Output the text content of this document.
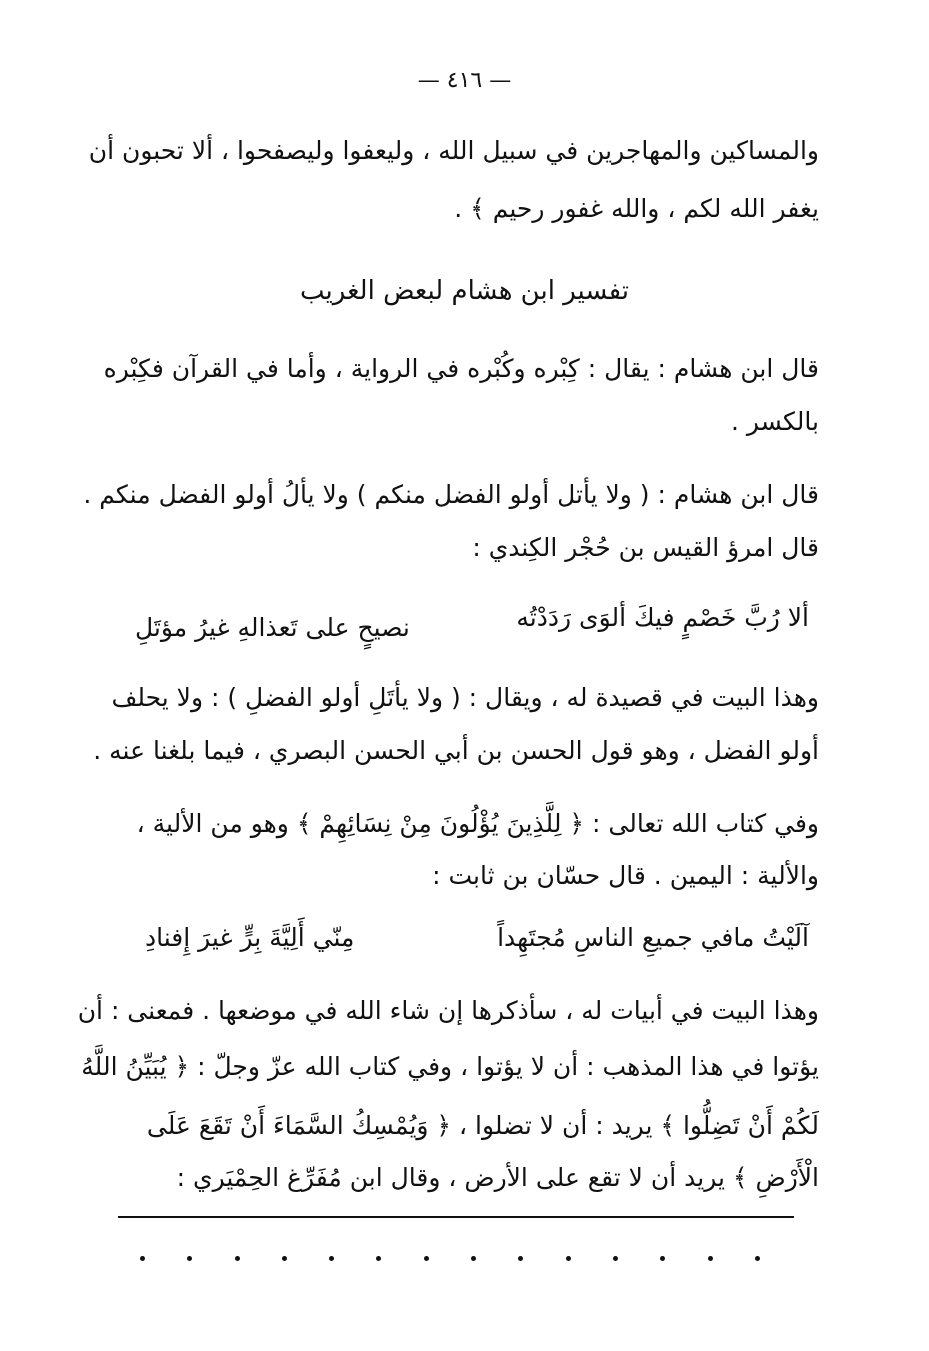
— ٤١٦ —
والمساكين والمهاجرين في سبيل الله ، وليعفوا وليصفحوا ، ألا تحبون أن
يغفر الله لكم ، والله غفور رحيم ﴾ .
تفسير ابن هشام لبعض الغريب
قال ابن هشام : يقال : كِبْره وكُبْره في الرواية ، وأما في القرآن فكِبْره
بالكسر .
قال ابن هشام : ( ولا يأتل أولو الفضل منكم ) ولا يألُ أولو الفضل منكم .
قال امرؤ القيس بن حُجْر الكِندي :
ألا رُبَّ خَصْمٍ فيكَ ألوَى رَدَدْتُه
نصيحٍ على تَعذالهِ غيرُ مؤتَلِ
وهذا البيت في قصيدة له ، ويقال : ( ولا يأتَلِ أولو الفضلِ ) : ولا يحلف
أولو الفضل ، وهو قول الحسن بن أبي الحسن البصري ، فيما بلغنا عنه .
وفي كتاب الله تعالى : ﴿ لِلَّذِينَ يُؤْلُونَ مِنْ نِسَائِهِمْ ﴾ وهو من الألية ،
والألية : اليمين . قال حسّان بن ثابت :
آلَيْتُ مافي جميعِ الناسِ مُجتَهِداً
مِنّي أَلِيَّةَ بِرٍّ غيرَ إِفنادِ
وهذا البيت في أبيات له ، سأذكرها إن شاء الله في موضعها . فمعنى : أن
يؤتوا في هذا المذهب : أن لا يؤتوا ، وفي كتاب الله عزّ وجلّ : ﴿ يُبَيِّنُ اللَّهُ
لَكُمْ أَنْ تَضِلُّوا ﴾ يريد : أن لا تضلوا ، ﴿ وَيُمْسِكُ السَّمَاءَ أَنْ تَقَعَ عَلَى
الْأَرْضِ ﴾ يريد أن لا تقع على الأرض ، وقال ابن مُفَرِّغ الحِمْيَري :
